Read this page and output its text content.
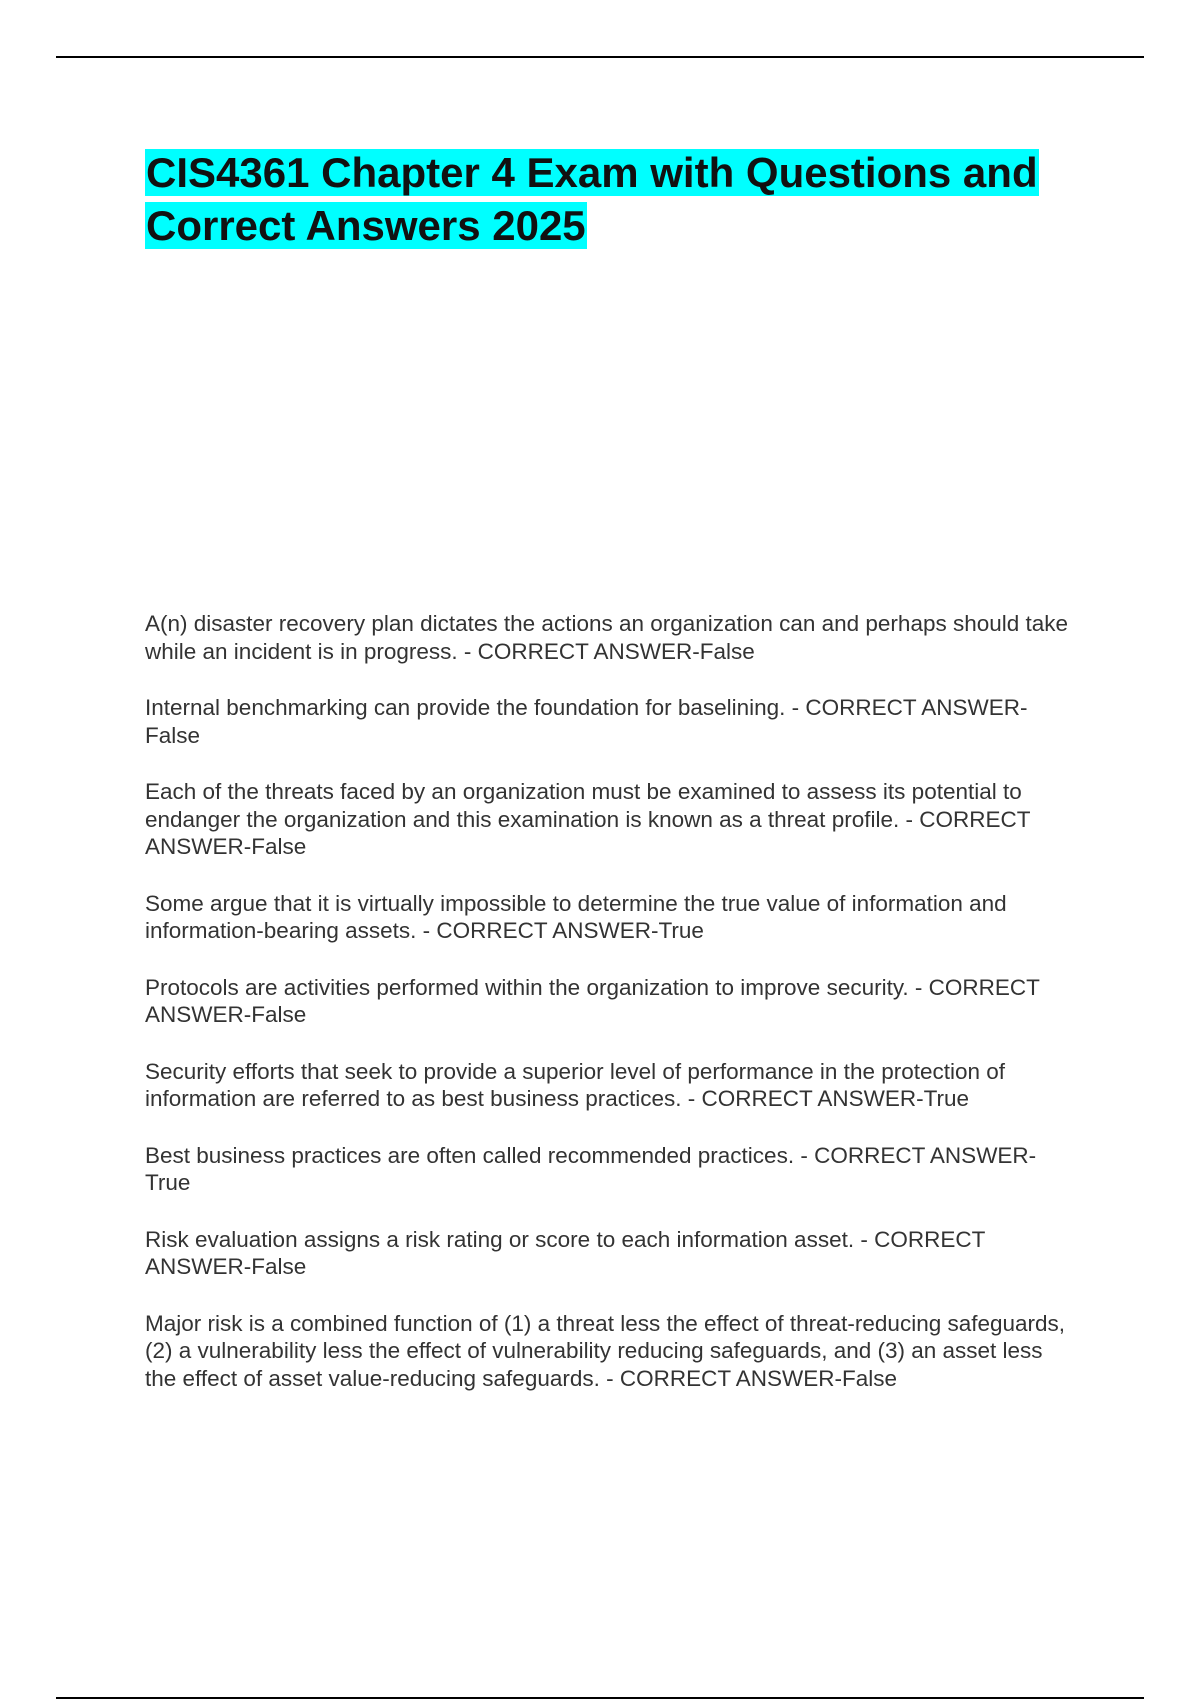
CIS4361 Chapter 4 Exam with Questions and Correct Answers 2025

A(n) disaster recovery plan dictates the actions an organization can and perhaps should take while an incident is in progress. - CORRECT ANSWER-False

Internal benchmarking can provide the foundation for baselining. - CORRECT ANSWER-False

Each of the threats faced by an organization must be examined to assess its potential to endanger the organization and this examination is known as a threat profile. - CORRECT ANSWER-False

Some argue that it is virtually impossible to determine the true value of information and information-bearing assets. - CORRECT ANSWER-True

Protocols are activities performed within the organization to improve security. - CORRECT ANSWER-False

Security efforts that seek to provide a superior level of performance in the protection of information are referred to as best business practices. - CORRECT ANSWER-True

Best business practices are often called recommended practices. - CORRECT ANSWER-True

Risk evaluation assigns a risk rating or score to each information asset. - CORRECT ANSWER-False

Major risk is a combined function of (1) a threat less the effect of threat-reducing safeguards, (2) a vulnerability less the effect of vulnerability reducing safeguards, and (3) an asset less the effect of asset value-reducing safeguards. - CORRECT ANSWER-False
